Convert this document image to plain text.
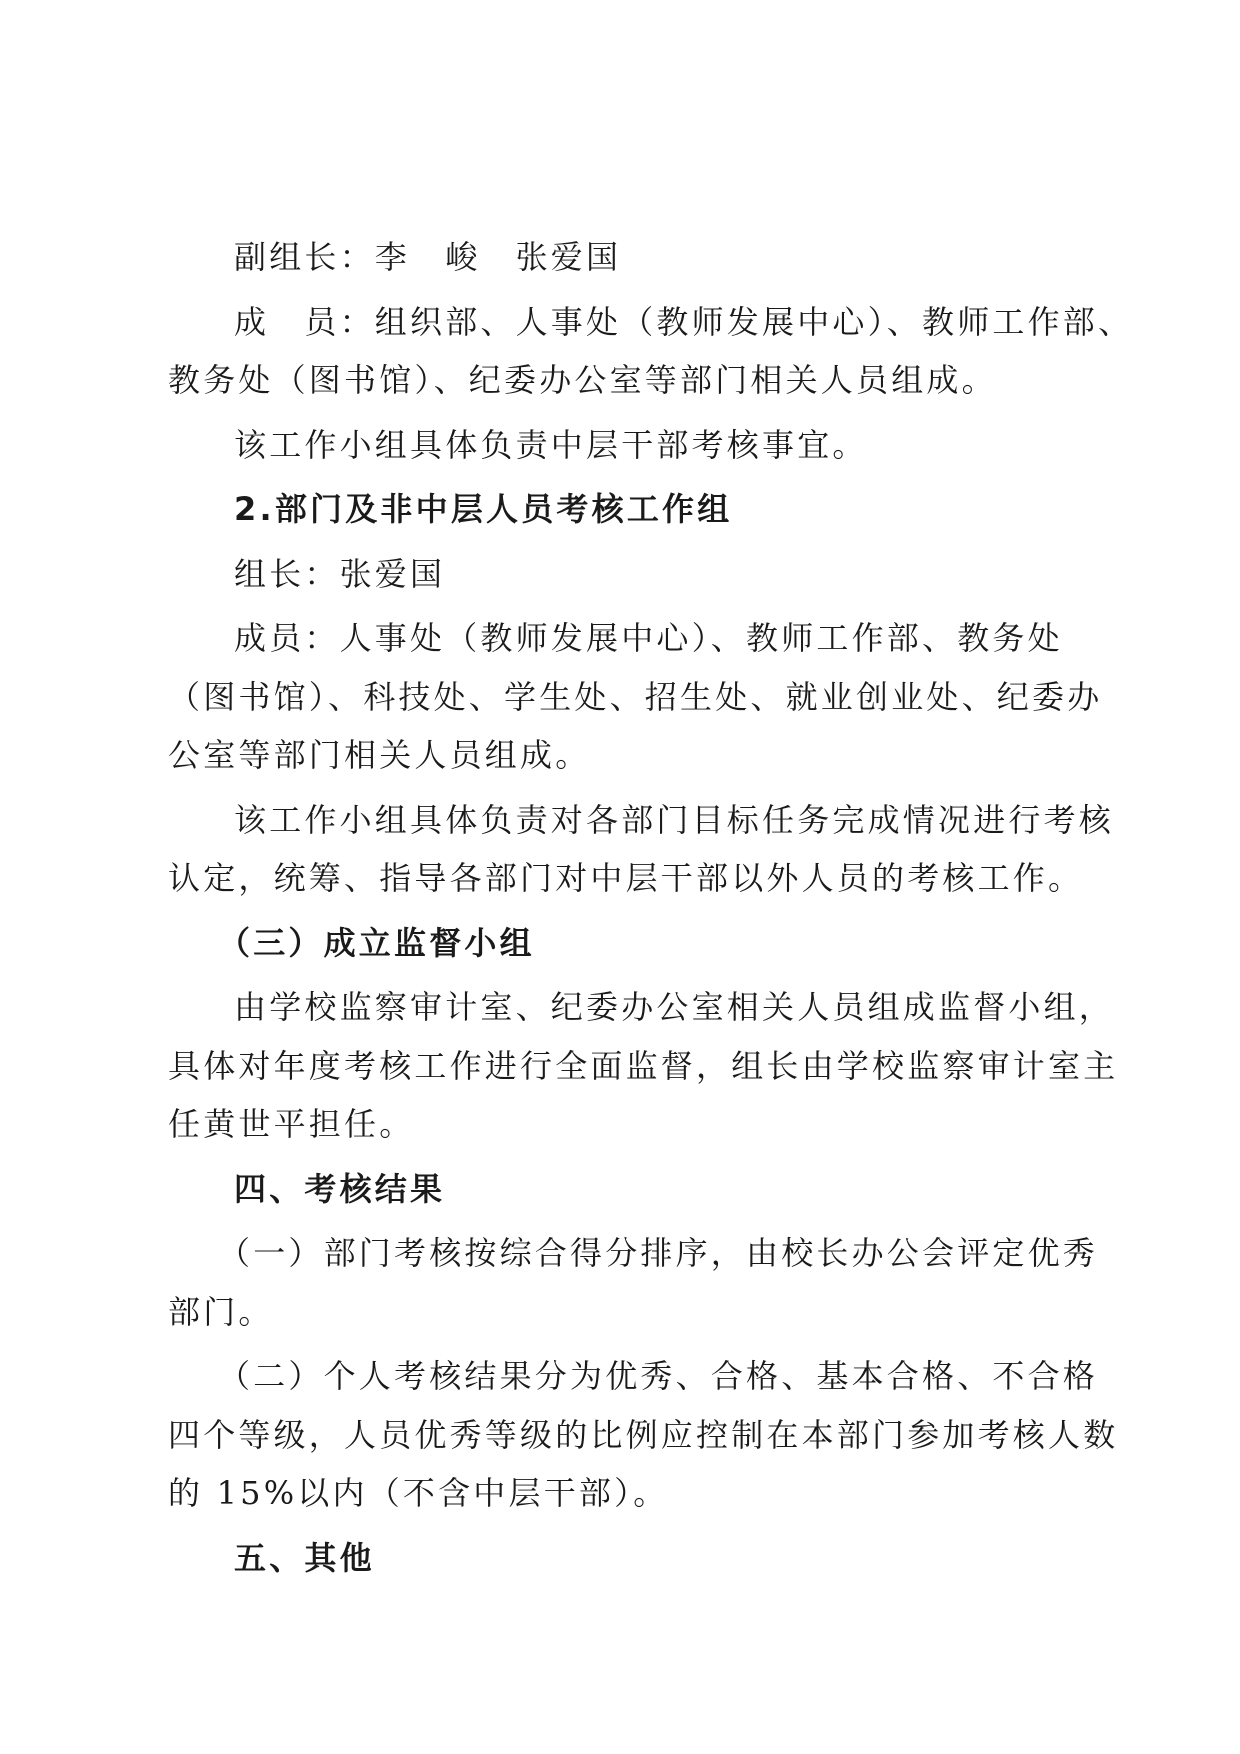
副组长：李　峻　张爱国

成　员：组织部、人事处（教师发展中心）、教师工作部、

教务处（图书馆）、纪委办公室等部门相关人员组成。

该工作小组具体负责中层干部考核事宜。

2.部门及非中层人员考核工作组

组长：张爱国

成员：人事处（教师发展中心）、教师工作部、教务处

（图书馆）、科技处、学生处、招生处、就业创业处、纪委办

公室等部门相关人员组成。

该工作小组具体负责对各部门目标任务完成情况进行考核

认定，统筹、指导各部门对中层干部以外人员的考核工作。

（三）成立监督小组

由学校监察审计室、纪委办公室相关人员组成监督小组，

具体对年度考核工作进行全面监督，组长由学校监察审计室主

任黄世平担任。

四、考核结果

（一）部门考核按综合得分排序，由校长办公会评定优秀

部门。

（二）个人考核结果分为优秀、合格、基本合格、不合格

四个等级，人员优秀等级的比例应控制在本部门参加考核人数

的 15%以内（不含中层干部）。

五、其他
